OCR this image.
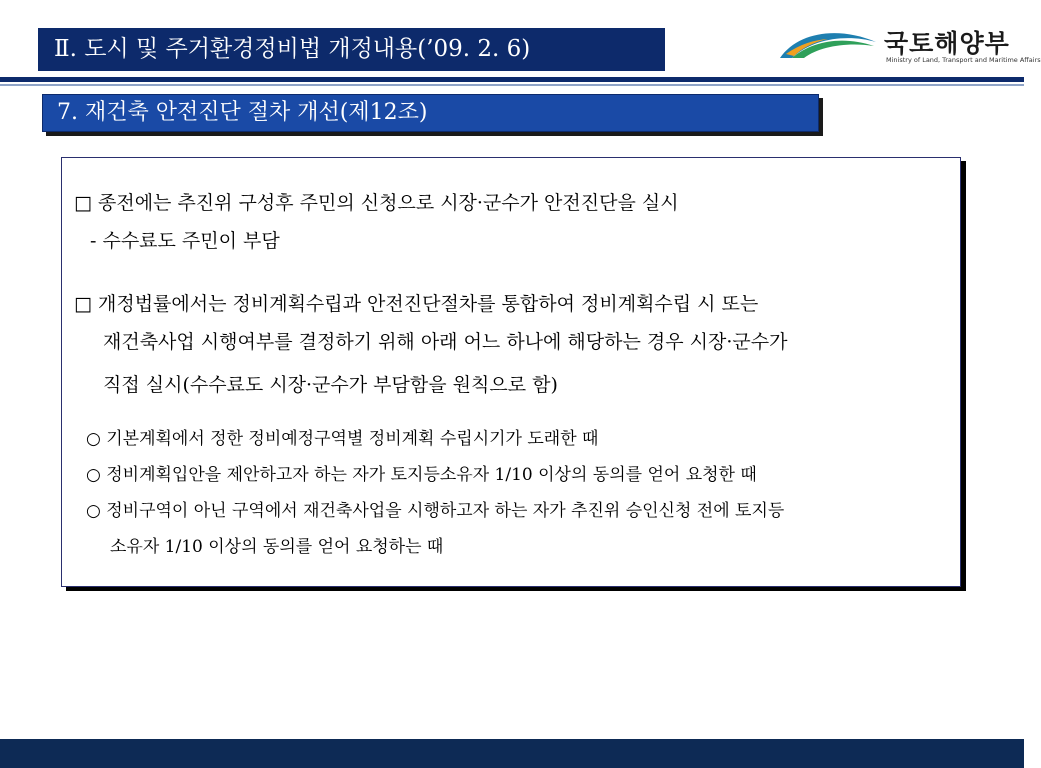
Ⅱ. 도시 및 주거환경정비법 개정내용(’09. 2. 6)	국토해양부
Ministry of Land, Transport and Maritime Affairs
7. 재건축 안전진단 절차 개선(제12조)
□ 종전에는 추진위 구성후 주민의 신청으로 시장·군수가 안전진단을 실시
- 수수료도 주민이 부담
□ 개정법률에서는 정비계획수립과 안전진단절차를 통합하여 정비계획수립 시 또는
재건축사업 시행여부를 결정하기 위해 아래 어느 하나에 해당하는 경우 시장·군수가
직접 실시(수수료도 시장·군수가 부담함을 원칙으로 함)
○ 기본계획에서 정한 정비예정구역별 정비계획 수립시기가 도래한 때
○ 정비계획입안을 제안하고자 하는 자가 토지등소유자 1/10 이상의 동의를 얻어 요청한 때
○ 정비구역이 아닌 구역에서 재건축사업을 시행하고자 하는 자가 추진위 승인신청 전에 토지등
소유자 1/10 이상의 동의를 얻어 요청하는 때
